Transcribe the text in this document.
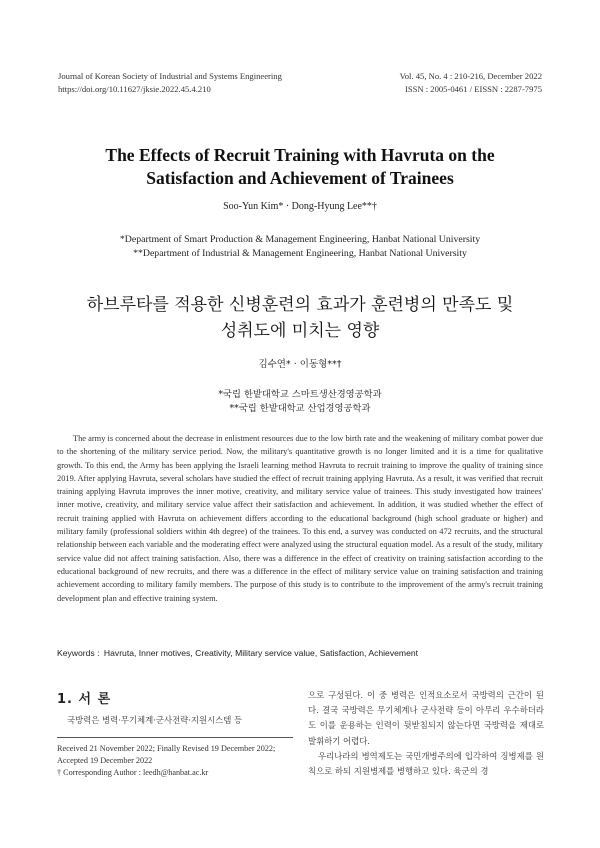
Journal of Korean Society of Industrial and Systems Engineering
https://doi.org/10.11627/jksie.2022.45.4.210
Vol. 45, No. 4 : 210-216, December 2022
ISSN : 2005-0461 / EISSN : 2287-7975
The Effects of Recruit Training with Havruta on the
Satisfaction and Achievement of Trainees
Soo-Yun Kim* · Dong-Hyung Lee**†
*Department of Smart Production & Management Engineering, Hanbat National University
**Department of Industrial & Management Engineering, Hanbat National University
하브루타를 적용한 신병훈련의 효과가 훈련병의 만족도 및
성취도에 미치는 영향
김수연* · 이동형**†
*국립 한밭대학교 스마트생산경영공학과
**국립 한밭대학교 산업경영공학과
The army is concerned about the decrease in enlistment resources due to the low birth rate and the weakening of military combat power due to the shortening of the military service period. Now, the military's quantitative growth is no longer limited and it is a time for qualitative growth. To this end, the Army has been applying the Israeli learning method Havruta to recruit training to improve the quality of training since 2019. After applying Havruta, several scholars have studied the effect of recruit training applying Havruta. As a result, it was verified that recruit training applying Havruta improves the inner motive, creativity, and military service value of trainees. This study investigated how trainees' inner motive, creativity, and military service value affect their satisfaction and achievement. In addition, it was studied whether the effect of recruit training applied with Havruta on achievement differs according to the educational background (high school graduate or higher) and military family (professional soldiers within 4th degree) of the trainees. To this end, a survey was conducted on 472 recruits, and the structural relationship between each variable and the moderating effect were analyzed using the structural equation model. As a result of the study, military service value did not affect training satisfaction. Also, there was a difference in the effect of creativity on training satisfaction according to the educational background of new recruits, and there was a difference in the effect of military service value on training satisfaction and training achievement according to military family members. The purpose of this study is to contribute to the improvement of the army's recruit training development plan and effective training system.
Keywords : Havruta, Inner motives, Creativity, Military service value, Satisfaction, Achievement
1. 서 론
국방력은 병력·무기체계·군사전략·지원시스템 등
Received 21 November 2022; Finally Revised 19 December 2022;
Accepted 19 December 2022
† Corresponding Author : leedh@hanbat.ac.kr
으로 구성된다. 이 중 병력은 인적요소로서 국방력의 근간이 된다. 결국 국방력은 무기체계나 군사전략 등이 아무리 우수하더라도 이를 운용하는 인력이 뒷받침되지 않는다면 국방력을 제대로 발휘하기 어렵다.
우리나라의 병역제도는 국민개병주의에 입각하여 징병제를 원칙으로 하되 지원병제를 병행하고 있다. 육군의 경
